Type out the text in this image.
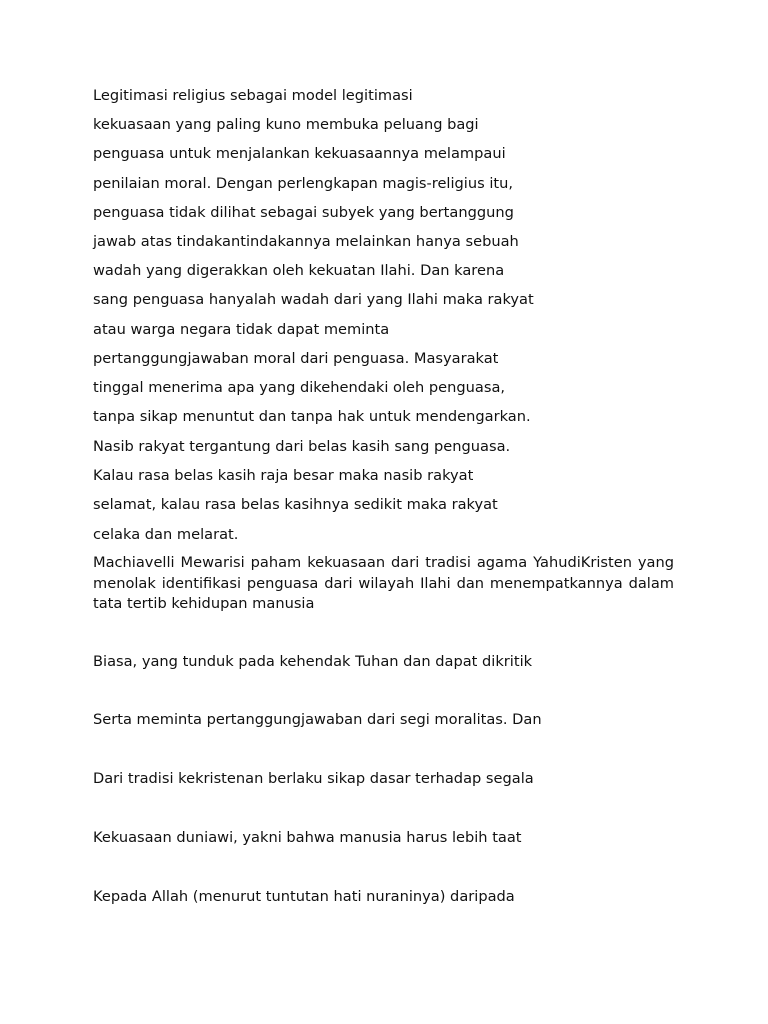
Legitimasi religius sebagai model legitimasi
kekuasaan yang paling kuno membuka peluang bagi
penguasa untuk menjalankan kekuasaannya melampaui
penilaian moral. Dengan perlengkapan magis-religius itu,
penguasa tidak dilihat sebagai subyek yang bertanggung
jawab atas tindakantindakannya melainkan hanya sebuah
wadah yang digerakkan oleh kekuatan Ilahi. Dan karena
sang penguasa hanyalah wadah dari yang Ilahi maka rakyat
atau warga negara tidak dapat meminta
pertanggungjawaban moral dari penguasa. Masyarakat
tinggal menerima apa yang dikehendaki oleh penguasa,
tanpa sikap menuntut dan tanpa hak untuk mendengarkan.
Nasib rakyat tergantung dari belas kasih sang penguasa.
Kalau rasa belas kasih raja besar maka nasib rakyat
selamat, kalau rasa belas kasihnya sedikit maka rakyat
celaka dan melarat.
Machiavelli Mewarisi paham kekuasaan dari tradisi agama YahudiKristen yang menolak identifikasi penguasa dari wilayah Ilahi dan menempatkannya dalam tata tertib kehidupan manusia
Biasa, yang tunduk pada kehendak Tuhan dan dapat dikritik
Serta meminta pertanggungjawaban dari segi moralitas. Dan
Dari tradisi kekristenan berlaku sikap dasar terhadap segala
Kekuasaan duniawi, yakni bahwa manusia harus lebih taat
Kepada Allah (menurut tuntutan hati nuraninya) daripada
